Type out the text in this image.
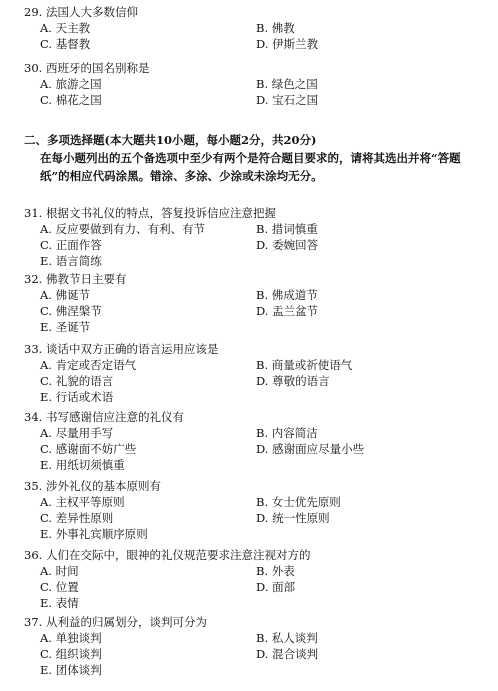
29. 法国人大多数信仰
A. 天主教	B. 佛教
C. 基督教	D. 伊斯兰教
30. 西班牙的国名别称是
A. 旅游之国	B. 绿色之国
C. 棉花之国	D. 宝石之国
二、多项选择题(本大题共10小题，每小题2分，共20分)
在每小题列出的五个备选项中至少有两个是符合题目要求的，请将其选出并将“答题
纸”的相应代码涂黑。错涂、多涂、少涂或未涂均无分。
31. 根据文书礼仪的特点，答复投诉信应注意把握
A. 反应要做到有力、有利、有节	B. 措词慎重
C. 正面作答	D. 委婉回答
E. 语言简练
32. 佛教节日主要有
A. 佛诞节	B. 佛成道节
C. 佛涅槃节	D. 盂兰盆节
E. 圣诞节
33. 谈话中双方正确的语言运用应该是
A. 肯定或否定语气	B. 商量或祈使语气
C. 礼貌的语言	D. 尊敬的语言
E. 行话或术语
34. 书写感谢信应注意的礼仪有
A. 尽量用手写	B. 内容简洁
C. 感谢面不妨广些	D. 感谢面应尽量小些
E. 用纸切须慎重
35. 涉外礼仪的基本原则有
A. 主权平等原则	B. 女士优先原则
C. 差异性原则	D. 统一性原则
E. 外事礼宾顺序原则
36. 人们在交际中，眼神的礼仪规范要求注意注视对方的
A. 时间	B. 外表
C. 位置	D. 面部
E. 表情
37. 从利益的归属划分，谈判可分为
A. 单独谈判	B. 私人谈判
C. 组织谈判	D. 混合谈判
E. 团体谈判
